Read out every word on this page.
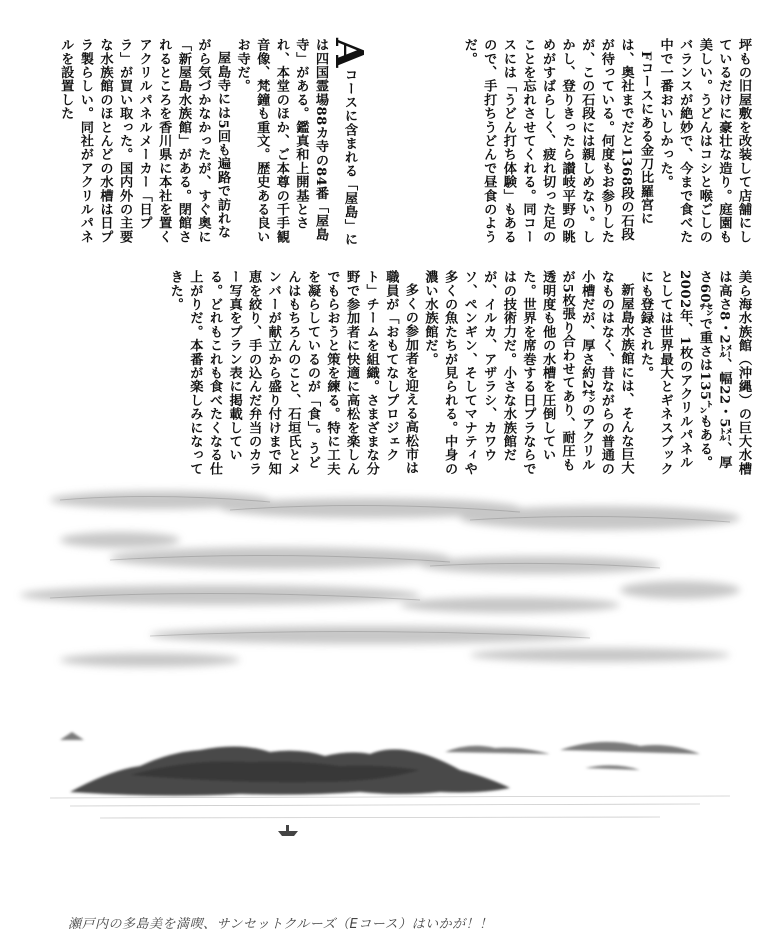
坪もの旧屋敷を改装して店舗にしているだけに豪壮な造り。庭園も美しい。うどんはコシと喉ごしのバランスが絶妙で、今まで食べた中で一番おいしかった。

Fコースにある金刀比羅宮には、奥社までだと1368段の石段が待っている。何度もお参りしたが、この石段には親しめない。しかし、登りきったら讃岐平野の眺めがすばらしく、疲れ切った足のことを忘れさせてくれる。同コースには「うどん打ち体験」もあるので、手打ちうどんで昼食のようだ。

Aコースに含まれる「屋島」には四国霊場88カ寺の84番「屋島寺」がある。鑑真和上開基とされ、本堂のほか、ご本尊の千手観音像、梵鐘も重文。歴史ある良いお寺だ。

屋島寺には5回も遍路で訪れながら気づかなかったが、すぐ奥に「新屋島水族館」がある。閉館されるところを香川県に本社を置くアクリルパネルメーカー「日プラ」が買い取った。国内外の主要な水族館のほとんどの水槽は日プラ製らしい。同社がアクリルパネルを設置した

美ら海水族館（沖縄）の巨大水槽は高さ8・2㍍、幅22・5㍍、厚さ60㌢で重さは135㌧もある。2002年、1枚のアクリルパネルとしては世界最大とギネスブックにも登録された。

新屋島水族館には、そんな巨大なものはなく、昔ながらの普通の小槽だが、厚さ約2㌢のアクリルが5枚張り合わせてあり、耐圧も透明度も他の水槽を圧倒していた。世界を席巻する日プラならではの技術力だ。小さな水族館だが、イルカ、アザラシ、カワウソ、ペンギン、そしてマナティや多くの魚たちが見られる。中身の濃い水族館だ。

多くの参加者を迎える高松市は職員が「おもてなしプロジェクト」チームを組織。さまざまな分野で参加者に快適に高松を楽しんでもらおうと策を練る。特に工夫を凝らしているのが「食」。うどんはもちろんのこと、石垣氏とメンバーが献立から盛り付けまで知恵を絞り、手の込んだ弁当のカラー写真をプラン表に掲載している。どれもこれも食べたくなる仕上がりだ。本番が楽しみになってきた。

瀬戸内の多島美を満喫、サンセットクルーズ（Eコース）はいかが！！
